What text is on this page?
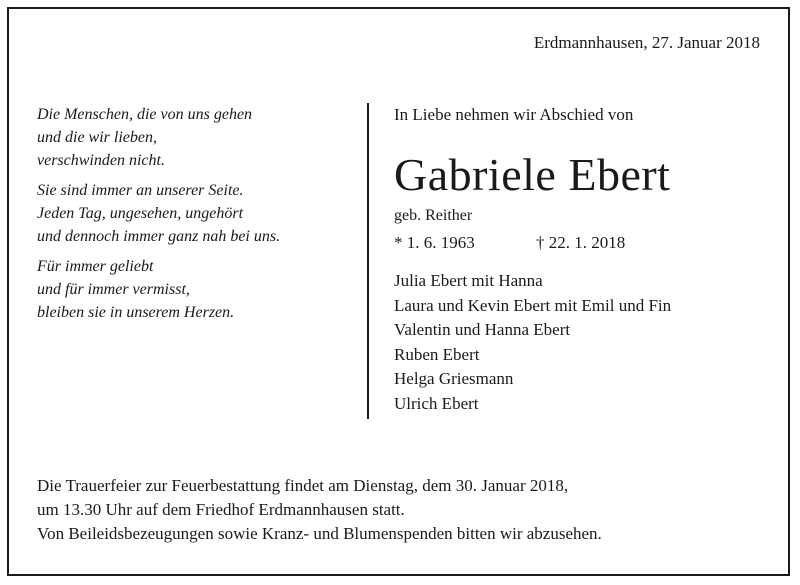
Erdmannhausen, 27. Januar 2018
Die Menschen, die von uns gehen
und die wir lieben,
verschwinden nicht.
Sie sind immer an unserer Seite.
Jeden Tag, ungesehen, ungehört
und dennoch immer ganz nah bei uns.
Für immer geliebt
und für immer vermisst,
bleiben sie in unserem Herzen.
In Liebe nehmen wir Abschied von
Gabriele Ebert
geb. Reither
* 1. 6. 1963	† 22. 1. 2018
Julia Ebert mit Hanna
Laura und Kevin Ebert mit Emil und Fin
Valentin und Hanna Ebert
Ruben Ebert
Helga Griesmann
Ulrich Ebert
Die Trauerfeier zur Feuerbestattung findet am Dienstag, dem 30. Januar 2018,
um 13.30 Uhr auf dem Friedhof Erdmannhausen statt.
Von Beileidsbezeugungen sowie Kranz- und Blumenspenden bitten wir abzusehen.
